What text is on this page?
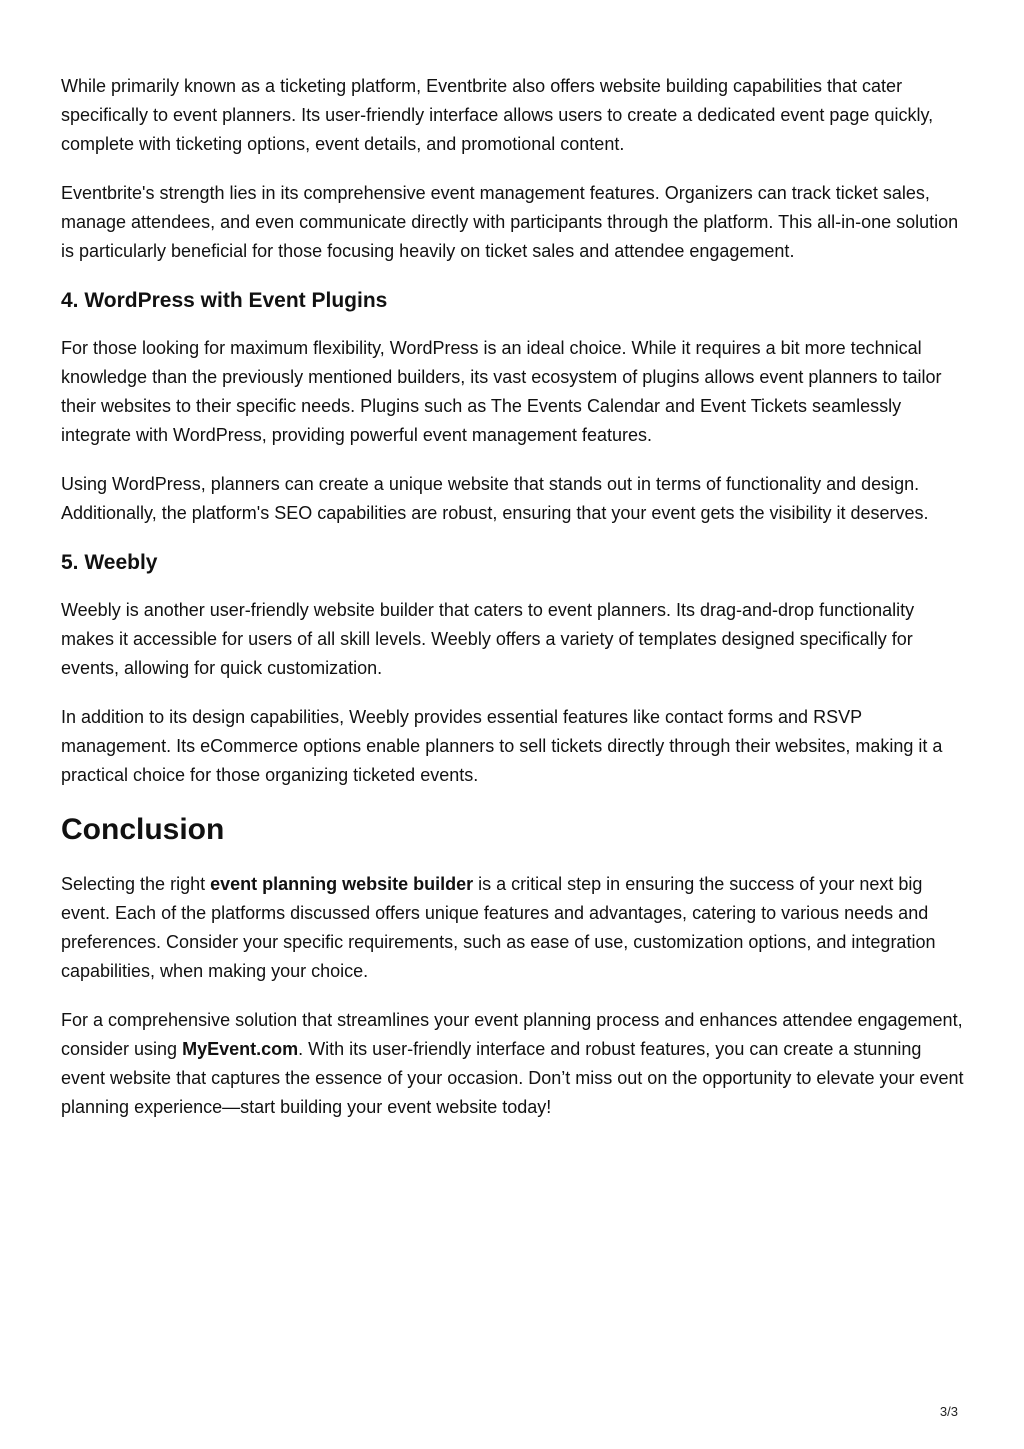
While primarily known as a ticketing platform, Eventbrite also offers website building capabilities that cater specifically to event planners. Its user-friendly interface allows users to create a dedicated event page quickly, complete with ticketing options, event details, and promotional content.

Eventbrite's strength lies in its comprehensive event management features. Organizers can track ticket sales, manage attendees, and even communicate directly with participants through the platform. This all-in-one solution is particularly beneficial for those focusing heavily on ticket sales and attendee engagement.

4. WordPress with Event Plugins

For those looking for maximum flexibility, WordPress is an ideal choice. While it requires a bit more technical knowledge than the previously mentioned builders, its vast ecosystem of plugins allows event planners to tailor their websites to their specific needs. Plugins such as The Events Calendar and Event Tickets seamlessly integrate with WordPress, providing powerful event management features.

Using WordPress, planners can create a unique website that stands out in terms of functionality and design. Additionally, the platform's SEO capabilities are robust, ensuring that your event gets the visibility it deserves.

5. Weebly

Weebly is another user-friendly website builder that caters to event planners. Its drag-and-drop functionality makes it accessible for users of all skill levels. Weebly offers a variety of templates designed specifically for events, allowing for quick customization.

In addition to its design capabilities, Weebly provides essential features like contact forms and RSVP management. Its eCommerce options enable planners to sell tickets directly through their websites, making it a practical choice for those organizing ticketed events.

Conclusion

Selecting the right event planning website builder is a critical step in ensuring the success of your next big event. Each of the platforms discussed offers unique features and advantages, catering to various needs and preferences. Consider your specific requirements, such as ease of use, customization options, and integration capabilities, when making your choice.

For a comprehensive solution that streamlines your event planning process and enhances attendee engagement, consider using MyEvent.com. With its user-friendly interface and robust features, you can create a stunning event website that captures the essence of your occasion. Don’t miss out on the opportunity to elevate your event planning experience—start building your event website today!

3/3
